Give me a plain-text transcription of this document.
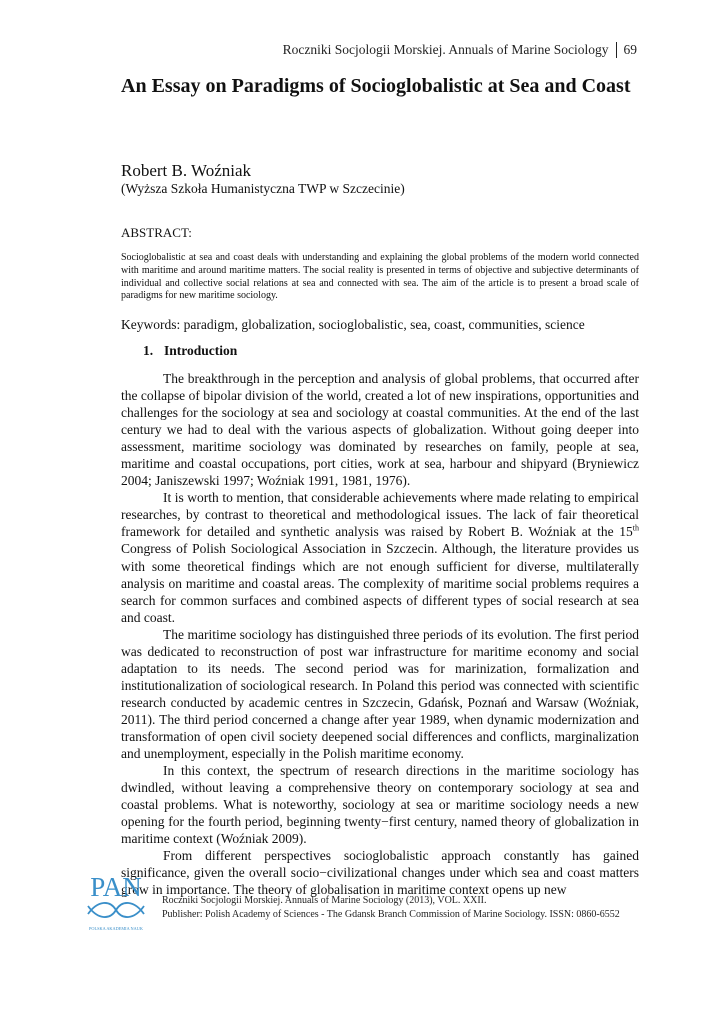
Roczniki Socjologii Morskiej. Annuals of Marine Sociology 69
An Essay on Paradigms of Socioglobalistic at Sea and Coast
Robert B. Woźniak
(Wyższa Szkoła Humanistyczna TWP w Szczecinie)
ABSTRACT:

Socioglobalistic at sea and coast deals with understanding and explaining the global problems of the modern world connected with maritime and around maritime matters. The social reality is presented in terms of objective and subjective determinants of individual and collective social relations at sea and connected with sea. The aim of the article is to present a broad scale of paradigms for new maritime sociology.

Keywords: paradigm, globalization, socioglobalistic, sea, coast, communities, science
1. Introduction

The breakthrough in the perception and analysis of global problems, that occurred after the collapse of bipolar division of the world, created a lot of new inspirations, opportunities and challenges for the sociology at sea and sociology at coastal communities. At the end of the last century we had to deal with the various aspects of globalization. Without going deeper into assessment, maritime sociology was dominated by researches on family, people at sea, maritime and coastal occupations, port cities, work at sea, harbour and shipyard (Bryniewicz 2004; Janiszewski 1997; Woźniak 1991, 1981, 1976).

It is worth to mention, that considerable achievements where made relating to empirical researches, by contrast to theoretical and methodological issues. The lack of fair theoretical framework for detailed and synthetic analysis was raised by Robert B. Woźniak at the 15th Congress of Polish Sociological Association in Szczecin. Although, the literature provides us with some theoretical findings which are not enough sufficient for diverse, multilaterally analysis on maritime and coastal areas. The complexity of maritime social problems requires a search for common surfaces and combined aspects of different types of social research at sea and coast.

The maritime sociology has distinguished three periods of its evolution. The first period was dedicated to reconstruction of post war infrastructure for maritime economy and social adaptation to its needs. The second period was for marinization, formalization and institutionalization of sociological research. In Poland this period was connected with scientific research conducted by academic centres in Szczecin, Gdańsk, Poznań and Warsaw (Woźniak, 2011). The third period concerned a change after year 1989, when dynamic modernization and transformation of open civil society deepened social differences and conflicts, marginalization and unemployment, especially in the Polish maritime economy.

In this context, the spectrum of research directions in the maritime sociology has dwindled, without leaving a comprehensive theory on contemporary sociology at sea and coastal problems. What is noteworthy, sociology at sea or maritime sociology needs a new opening for the fourth period, beginning twenty−first century, named theory of globalization in maritime context (Woźniak 2009).

From different perspectives socioglobalistic approach constantly has gained significance, given the overall socio−civilizational changes under which sea and coast matters grow in importance. The theory of globalisation in maritime context opens up new

PAN
POLSKA AKADEMIA NAUK
Roczniki Socjologii Morskiej. Annuals of Marine Sociology (2013), VOL. XXII.
Publisher: Polish Academy of Sciences - The Gdansk Branch Commission of Marine Sociology. ISSN: 0860-6552
